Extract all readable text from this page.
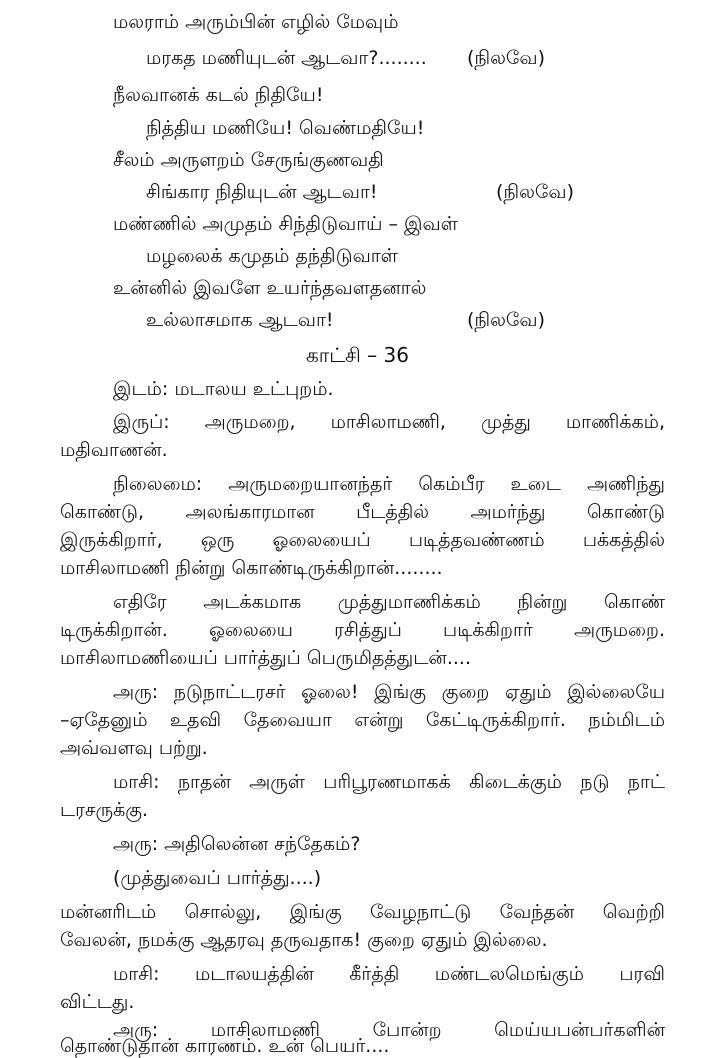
மலராம் அரும்பின் எழில் மேவும்

மரகத மணியுடன் ஆடவா?........ (நிலவே)

நீலவானக் கடல் நிதியே!

நித்திய மணியே! வெண்மதியே!

சீலம் அருளறம் சேருங்குணவதி

சிங்கார நிதியுடன் ஆடவா!	(நிலவே)

மண்ணில் அமுதம் சிந்திடுவாய் – இவள்

மழலைக் கமுதம் தந்திடுவாள்

உன்னில் இவளே உயர்ந்தவளதனால்

உல்லாசமாக ஆடவா!	(நிலவே)

காட்சி – 36

இடம்: மடாலய உட்புறம்.

இருப்: அருமறை, மாசிலாமணி, முத்து மாணிக்கம்,

மதிவாணன்.

நிலைமை: அருமறையானந்தர் கெம்பீர உடை அணிந்து

கொண்டு, அலங்காரமான பீடத்தில் அமர்ந்து கொண்டு

இருக்கிறார், ஒரு ஓலையைப் படித்தவண்ணம் பக்கத்தில்

மாசிலாமணி நின்று கொண்டிருக்கிறான்........

எதிரே அடக்கமாக முத்துமாணிக்கம் நின்று கொண்

டிருக்கிறான். ஓலையை ரசித்துப் படிக்கிறார் அருமறை.

மாசிலாமணியைப் பார்த்துப் பெருமிதத்துடன்....

அரு: நடுநாட்டரசர் ஓலை! இங்கு குறை ஏதும் இல்லையே

–ஏதேனும் உதவி தேவையா என்று கேட்டிருக்கிறார். நம்மிடம்

அவ்வளவு பற்று.

மாசி: நாதன் அருள் பரிபூரணமாகக் கிடைக்கும் நடு நாட்

டரசருக்கு.

அரு: அதிலென்ன சந்தேகம்?

(முத்துவைப் பார்த்து....)

மன்னரிடம் சொல்லு, இங்கு வேழநாட்டு வேந்தன் வெற்றி

வேலன், நமக்கு ஆதரவு தருவதாக! குறை ஏதும் இல்லை.

மாசி: மடாலயத்தின் கீர்த்தி மண்டலமெங்கும் பரவி

விட்டது.

அரு: மாசிலாமணி போன்ற மெய்யபன்பர்களின்

தொண்டுதான் காரணம். உன் பெயர்....
